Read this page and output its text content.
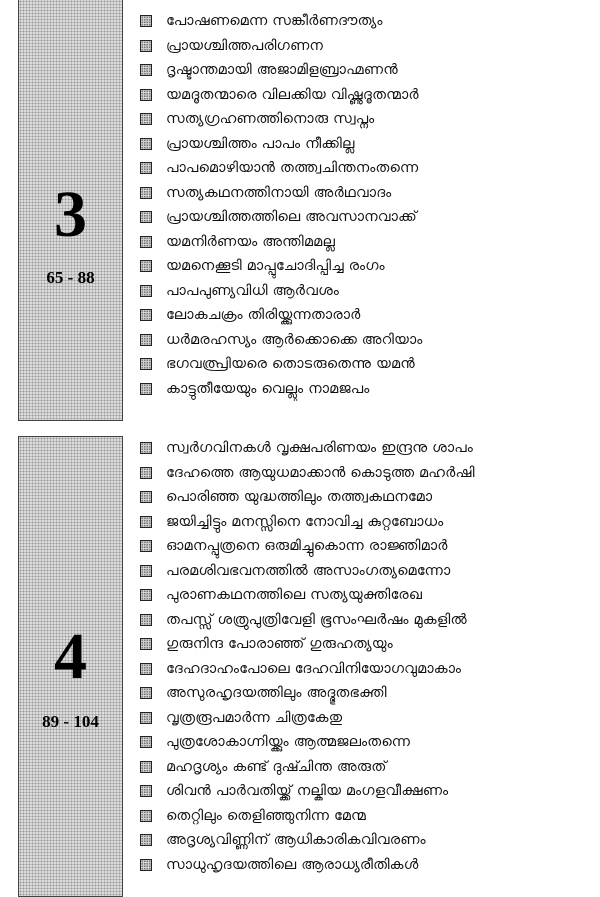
പോഷണമെന്ന സങ്കീർണദൗത്യം
പ്രായശ്ചിത്തപരിഗണന
ദൃഷ്ടാന്തമായി അജാമിളബ്രാഹ്മണൻ
യമദൂതന്മാരെ വിലക്കിയ വിഷ്ണുദൂതന്മാർ
സത്യഗ്രഹണത്തിനൊരു സ്വപ്നം
പ്രായശ്ചിത്തം പാപം നീക്കില്ല
പാപമൊഴിയാൻ തത്ത്വചിന്തനംതന്നെ
സത്യകഥനത്തിനായി അർഥവാദം
പ്രായശ്ചിത്തത്തിലെ അവസാനവാക്ക്
യമനിർണയം അന്തിമമല്ല
യമനെക്കൂടി മാപ്പുചോദിപ്പിച്ച രംഗം
പാപപുണ്യവിധി ആർവശം
ലോകചക്രം തിരിയ്ക്കുന്നതാരാർ
ധർമരഹസ്യം ആർക്കൊക്കെ അറിയാം
ഭഗവത്പ്രിയരെ തൊടരുതെന്നു യമൻ
കാട്ടുതീയേയും വെല്ലും നാമജപം
3
65 - 88
സ്വർഗവിനകൾ വൃക്ഷപരിണയം ഇന്ദ്രനു ശാപം
ദേഹത്തെ ആയുധമാക്കാൻ കൊടുത്ത മഹർഷി
പൊരിഞ്ഞ യുദ്ധത്തിലും തത്ത്വകഥനമോ
ജയിച്ചിട്ടും മനസ്സിനെ നോവിച്ച കുറ്റബോധം
ഓമനപ്പുത്രനെ ഒരുമിച്ചുകൊന്ന രാജ്ഞിമാർ
പരമശിവഭവനത്തിൽ അസാംഗത്യമെന്നോ
പുരാണകഥനത്തിലെ സത്യയുക്തിരേഖ
തപസ്സ് ശത്രുപുത്രിവേളി ഭൂസംഘർഷം മുകളിൽ
ഗുരുനിന്ദ പോരാഞ്ഞ് ഗുരുഹത്യയും
ദേഹദാഹംപോലെ ദേഹവിനിയോഗവുമാകാം
അസുരഹൃദയത്തിലും അദ്ഭുതഭക്തി
വൃത്രരൂപമാർന്ന ചിത്രകേതു
പുത്രശോകാഗ്നിയ്ക്കും ആത്മജലംതന്നെ
മഹദൃശ്യം കണ്ട് ദുഷ്ചിന്ത അരുത്
ശിവൻ പാർവതിയ്ക്ക് നല്കിയ മംഗളവീക്ഷണം
തെറ്റിലും തെളിഞ്ഞുനിന്ന മേന്മ
അദൃശ്യവിണ്ണിന് ആധികാരികവിവരണം
സാധുഹൃദയത്തിലെ ആരാധ്യരീതികൾ
4
89 - 104
